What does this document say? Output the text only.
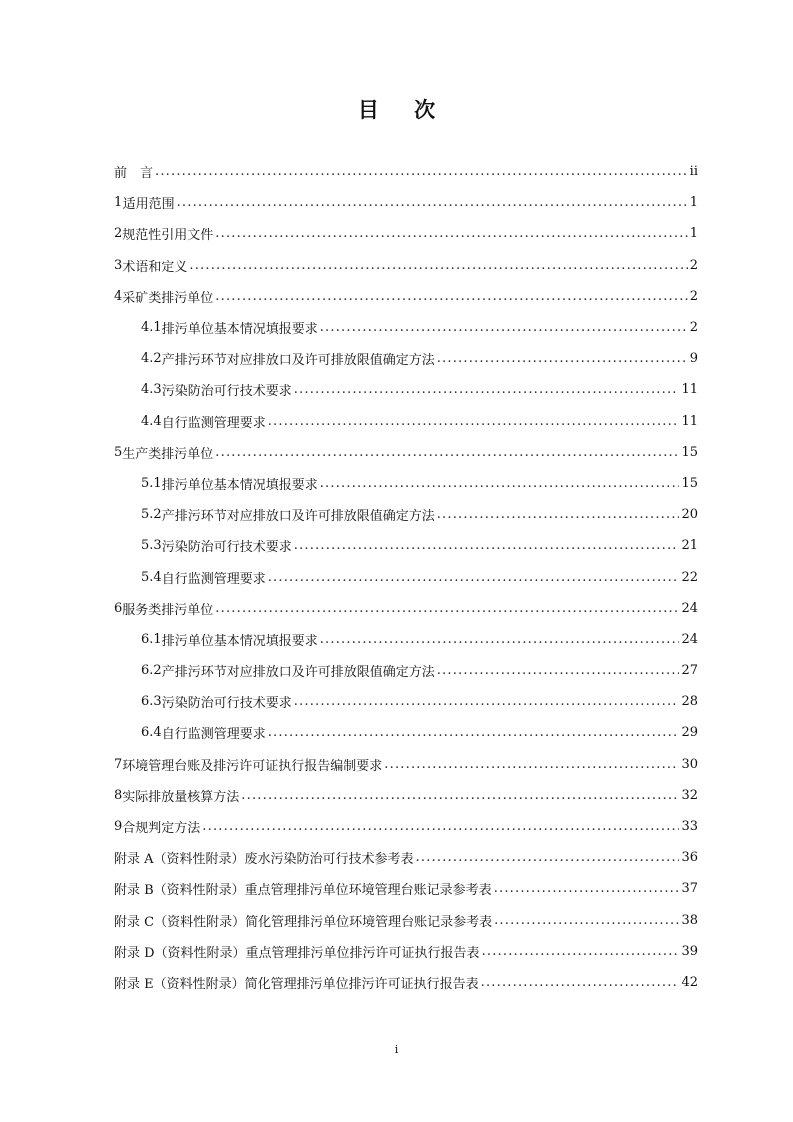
目 次
前　言 .....	ii
1 适用范围 .....	1
2 规范性引用文件 .....	1
3 术语和定义 .....	2
4 采矿类排污单位 .....	2
4.1 排污单位基本情况填报要求 .....	2
4.2 产排污环节对应排放口及许可排放限值确定方法 .....	9
4.3 污染防治可行技术要求 .....	11
4.4 自行监测管理要求 .....	11
5 生产类排污单位 .....	15
5.1 排污单位基本情况填报要求 .....	15
5.2 产排污环节对应排放口及许可排放限值确定方法 .....	20
5.3 污染防治可行技术要求 .....	21
5.4 自行监测管理要求 .....	22
6 服务类排污单位 .....	24
6.1 排污单位基本情况填报要求 .....	24
6.2 产排污环节对应排放口及许可排放限值确定方法 .....	27
6.3 污染防治可行技术要求 .....	28
6.4 自行监测管理要求 .....	29
7 环境管理台账及排污许可证执行报告编制要求 .....	30
8 实际排放量核算方法 .....	32
9 合规判定方法 .....	33
附录 A（资料性附录）废水污染防治可行技术参考表 .....	36
附录 B（资料性附录）重点管理排污单位环境管理台账记录参考表 .....	37
附录 C（资料性附录）简化管理排污单位环境管理台账记录参考表 .....	38
附录 D（资料性附录）重点管理排污单位排污许可证执行报告表 .....	39
附录 E（资料性附录）简化管理排污单位排污许可证执行报告表 .....	42
i
